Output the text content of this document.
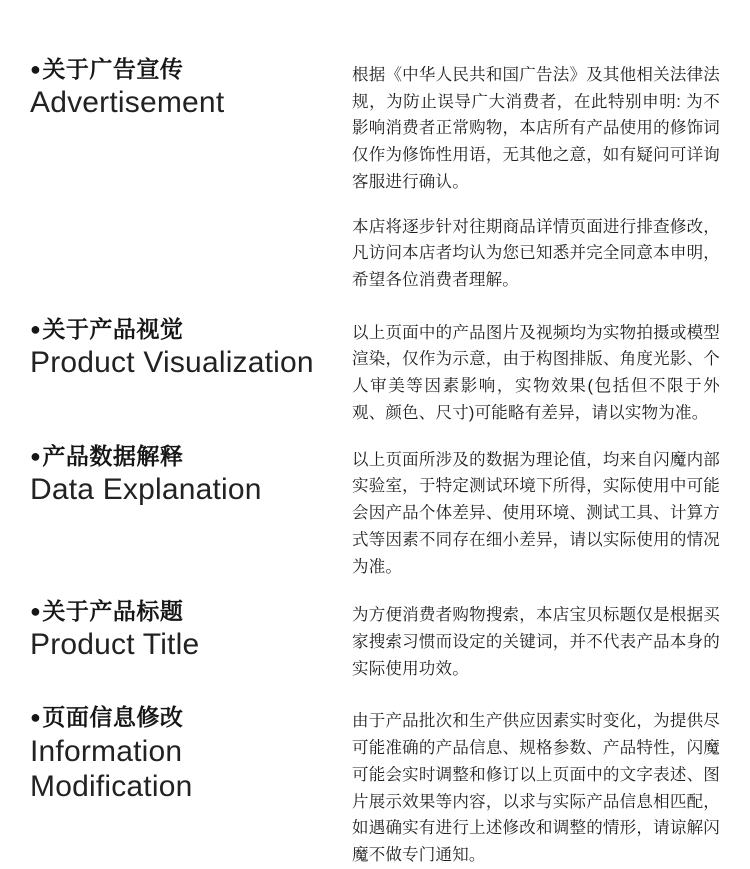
●关于广告宣传
Advertisement

根据《中华人民共和国广告法》及其他相关法律法规，为防止误导广大消费者，在此特别申明: 为不影响消费者正常购物，本店所有产品使用的修饰词仅作为修饰性用语，无其他之意，如有疑问可详询客服进行确认。

本店将逐步针对往期商品详情页面进行排查修改，凡访问本店者均认为您已知悉并完全同意本申明，希望各位消费者理解。

●关于产品视觉
Product Visualization

以上页面中的产品图片及视频均为实物拍摄或模型渲染，仅作为示意，由于构图排版、角度光影、个人审美等因素影响，实物效果(包括但不限于外观、颜色、尺寸)可能略有差异，请以实物为准。

●产品数据解释
Data Explanation

以上页面所涉及的数据为理论值，均来自闪魔内部实验室，于特定测试环境下所得，实际使用中可能会因产品个体差异、使用环境、测试工具、计算方式等因素不同存在细小差异，请以实际使用的情况为准。

●关于产品标题
Product Title

为方便消费者购物搜索，本店宝贝标题仅是根据买家搜索习惯而设定的关键词，并不代表产品本身的实际使用功效。

●页面信息修改
Information Modification

由于产品批次和生产供应因素实时变化，为提供尽可能准确的产品信息、规格参数、产品特性，闪魔可能会实时调整和修订以上页面中的文字表述、图片展示效果等内容，以求与实际产品信息相匹配，如遇确实有进行上述修改和调整的情形，请谅解闪魔不做专门通知。
